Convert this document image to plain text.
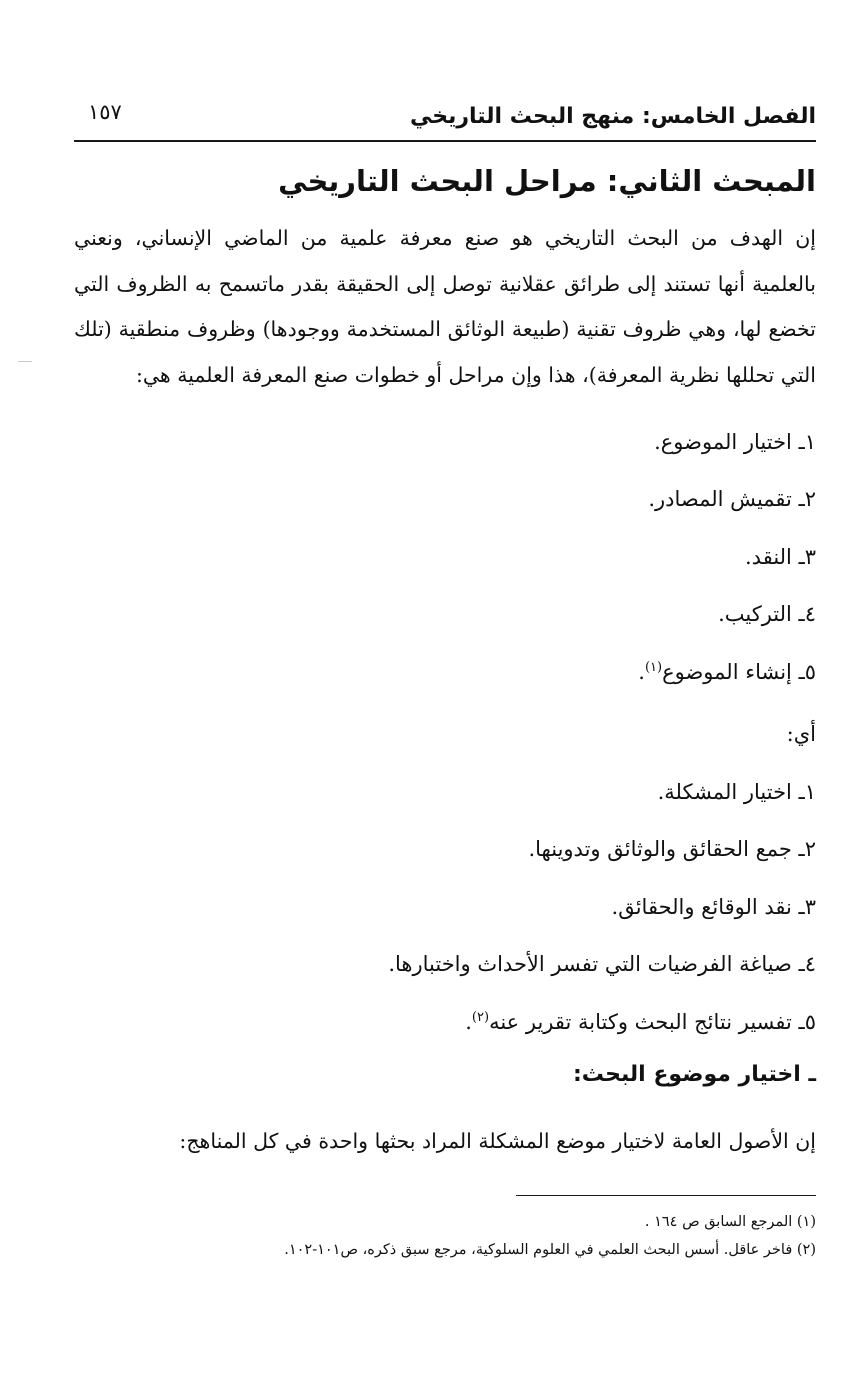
الفصل الخامس: منهج البحث التاريخي
١٥٧
المبحث الثاني: مراحل البحث التاريخي

إن الهدف من البحث التاريخي هو صنع معرفة علمية من الماضي الإنساني، ونعني بالعلمية أنها تستند إلى طرائق عقلانية توصل إلى الحقيقة بقدر ماتسمح به الظروف التي تخضع لها، وهي ظروف تقنية (طبيعة الوثائق المستخدمة ووجودها) وظروف منطقية (تلك التي تحللها نظرية المعرفة)، هذا وإن مراحل أو خطوات صنع المعرفة العلمية هي:

١ـ اختيار الموضوع.
٢ـ تقميش المصادر.
٣ـ النقد.
٤ـ التركيب.
٥ـ إنشاء الموضوع$^{(١)}$.
أي:
١ـ اختيار المشكلة.
٢ـ جمع الحقائق والوثائق وتدوينها.
٣ـ نقد الوقائع والحقائق.
٤ـ صياغة الفرضيات التي تفسر الأحداث واختبارها.
٥ـ تفسير نتائج البحث وكتابة تقرير عنه$^{(٢)}$.
ـ اختيار موضوع البحث:

إن الأصول العامة لاختيار موضع المشكلة المراد بحثها واحدة في كل المناهج:

(١) المرجع السابق ص ١٦٤ .
(٢) فاخر عاقل. أسس البحث العلمي في العلوم السلوكية، مرجع سبق ذكره، ص١٠١-١٠٢.
